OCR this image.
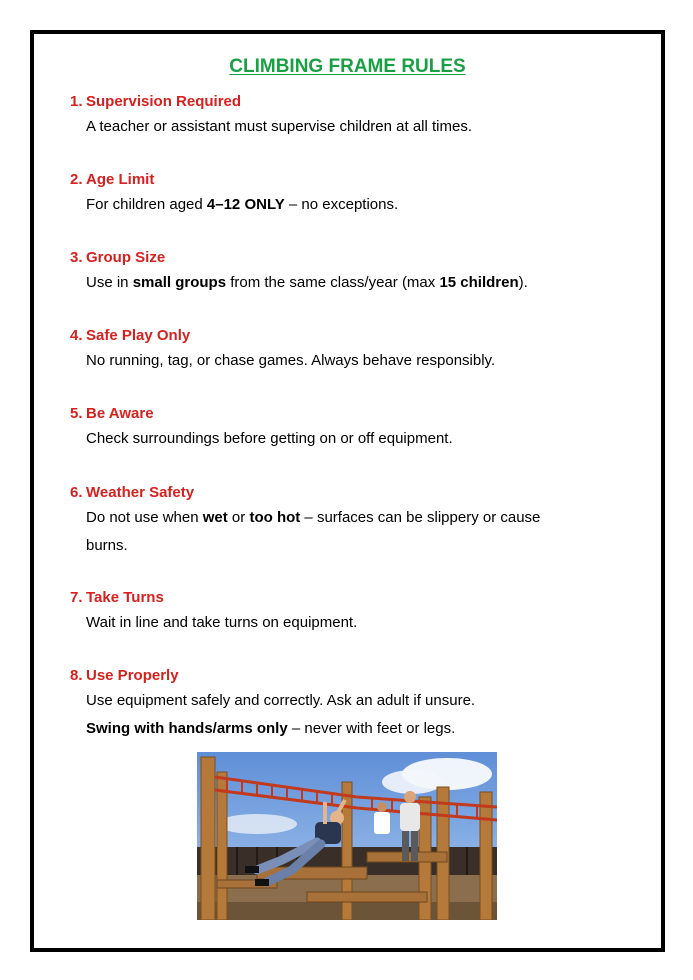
CLIMBING FRAME RULES
1. Supervision Required
A teacher or assistant must supervise children at all times.
2. Age Limit
For children aged 4–12 ONLY – no exceptions.
3. Group Size
Use in small groups from the same class/year (max 15 children).
4. Safe Play Only
No running, tag, or chase games. Always behave responsibly.
5. Be Aware
Check surroundings before getting on or off equipment.
6. Weather Safety
Do not use when wet or too hot – surfaces can be slippery or cause
burns.
7. Take Turns
Wait in line and take turns on equipment.
8. Use Properly
Use equipment safely and correctly. Ask an adult if unsure.
Swing with hands/arms only – never with feet or legs.
